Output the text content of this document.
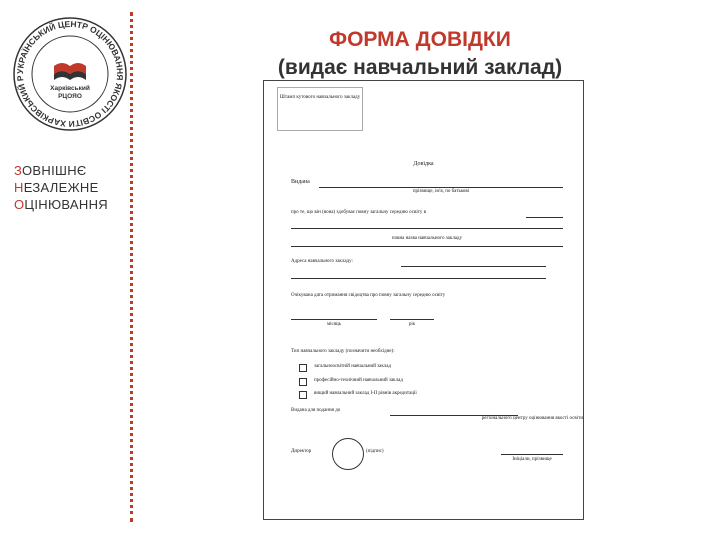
УКРАЇНСЬКИЙ ЦЕНТР ОЦІНЮВАННЯ ЯКОСТІ ОСВІТИ ХАРКІВСЬКИЙ Р
Харківський
РЦОЯО
ЗОВНІШНЄ
НЕЗАЛЕЖНЕ
ОЦІНЮВАННЯ
ФОРМА ДОВІДКИ
(видає навчальний заклад)
Штамп кутового навчального закладу
Довідка
Видана
прізвище, ім'я, по батькові
про те, що він (вона) здобуває повну загальну середню освіту в
повна назва навчального закладу
Адреса навчального закладу:
Очікувана дата отримання свідоцтва про повну загальну середню освіту
місяць	рік
Тип навчального закладу (позначити необхідне):
загальноосвітній навчальний заклад
професійно-технічний навчальний заклад
вищий навчальний заклад I-II рівнів акредитації
Видана для подання до
регіонального центру оцінювання якості освіти
Директор	(підпис)
Ініціали, прізвище
